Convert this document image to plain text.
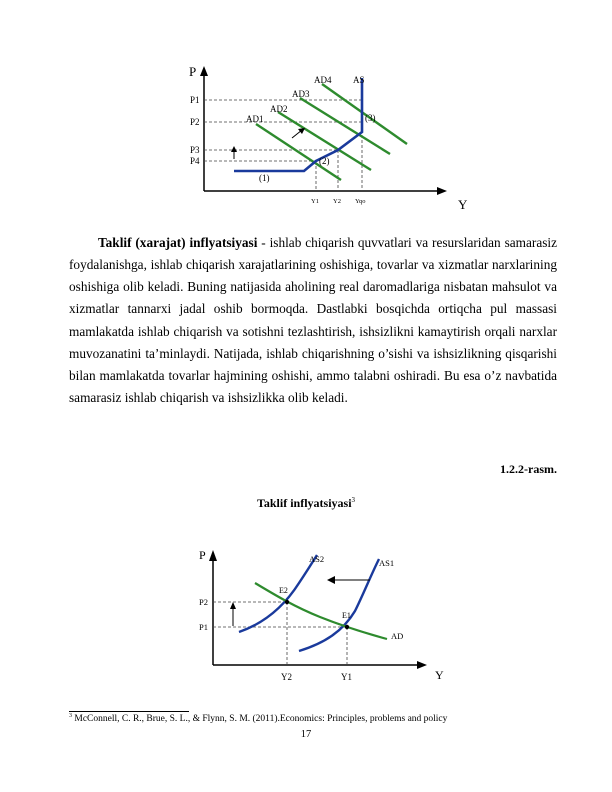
P
Y
P1
P2
P3
P4
Y1 Y2 Yqo
AD4
AD3
AD2
AD1
AS
(1)
(2)
(3)

Taklif (xarajat) inflyatsiyasi - ishlab chiqarish quvvatlari va resurslaridan samarasiz foydalanishga, ishlab chiqarish xarajatlarining oshishiga, tovarlar va xizmatlar narxlarining oshishiga olib keladi. Buning natijasida aholining real daromadlariga nisbatan mahsulot va xizmatlar tannarxi jadal oshib bormoqda. Dastlabki bosqichda ortiqcha pul massasi mamlakatda ishlab chiqarish va sotishni tezlashtirish, ishsizlikni kamaytirish orqali narxlar muvozanatini ta’minlaydi. Natijada, ishlab chiqarishning o’sishi va ishsizlikning qisqarishi bilan mamlakatda tovarlar hajmining oshishi, ammo talabni oshiradi. Bu esa o’z navbatida samarasiz ishlab chiqarish va ishsizlikka olib keladi.

1.2.2-rasm.
Taklif inflyatsiyasi$^3$
P
Y
P2
P1
Y2	Y1
AS2	AS1
AD
E2
E1
$^3$ McConnell, C. R., Brue, S. L., & Flynn, S. M. (2011).Economics: Principles, problems and policy
17
